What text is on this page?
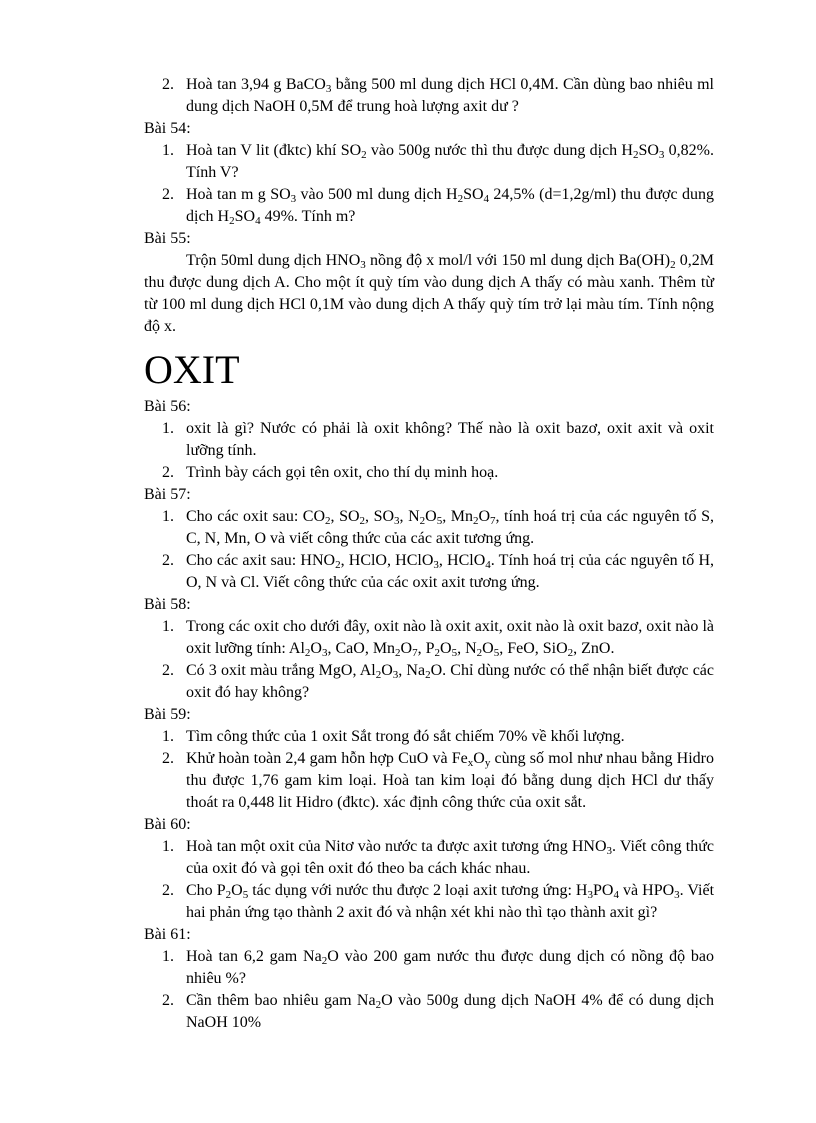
2. Hoà tan 3,94 g BaCO$_3$ bằng 500 ml dung dịch HCl 0,4M. Cần dùng bao nhiêu ml dung dịch NaOH 0,5M để trung hoà lượng axit dư ?
Bài 54:
1. Hoà tan V lit (đktc) khí $SO_2$ vào 500g nước thì thu được dung dịch $H_2SO_3$ 0,82%. Tính V?
2. Hoà tan m g $SO_3$ vào 500 ml dung dịch $H_2SO_4$ 24,5% (d=1,2g/ml) thu được dung dịch $H_2SO_4$ 49%. Tính m?
Bài 55:
Trộn 50ml dung dịch $HNO_3$ nồng độ x mol/l với 150 ml dung dịch $Ba(OH)_2$ 0,2M thu được dung dịch A. Cho một ít quỳ tím vào dung dịch A thấy có màu xanh. Thêm từ từ 100 ml dung dịch HCl 0,1M vào dung dịch A thấy quỳ tím trở lại màu tím. Tính nộng độ x.
OXIT
Bài 56:
1. oxit là gì? Nước có phải là oxit không? Thế nào là oxit bazơ, oxit axit và oxit lưỡng tính.
2. Trình bày cách gọi tên oxit, cho thí dụ minh hoạ.
Bài 57:
1. Cho các oxit sau: $CO_2$, $SO_2$, $SO_3$, $N_2O_5$, $Mn_2O_7$, tính hoá trị của các nguyên tố S, C, N, Mn, O và viết công thức của các axit tương ứng.
2. Cho các axit sau: $HNO_2$, HClO, HClO$_3$, HClO$_4$. Tính hoá trị của các nguyên tố H, O, N và Cl. Viết công thức của các oxit axit tương ứng.
Bài 58:
1. Trong các oxit cho dưới đây, oxit nào là oxit axit, oxit nào là oxit bazơ, oxit nào là oxit lưỡng tính: $Al_2O_3$, CaO, $Mn_2O_7$, $P_2O_5$, $N_2O_5$, FeO, SiO$_2$, ZnO.
2. Có 3 oxit màu trắng MgO, $Al_2O_3$, $Na_2O$. Chỉ dùng nước có thể nhận biết được các oxit đó hay không?
Bài 59:
1. Tìm công thức của 1 oxit Sắt trong đó sắt chiếm 70% về khối lượng.
2. Khử hoàn toàn 2,4 gam hỗn hợp CuO và $Fe_xO_y$ cùng số mol như nhau bằng Hidro thu được 1,76 gam kim loại. Hoà tan kim loại đó bằng dung dịch HCl dư thấy thoát ra 0,448 lit Hidro (đktc). xác định công thức của oxit sắt.
Bài 60:
1. Hoà tan một oxit của Nitơ vào nước ta được axit tương ứng $HNO_3$. Viết công thức của oxit đó và gọi tên oxit đó theo ba cách khác nhau.
2. Cho $P_2O_5$ tác dụng với nước thu được 2 loại axit tương ứng: $H_3PO_4$ và $HPO_3$. Viết hai phản ứng tạo thành 2 axit đó và nhận xét khi nào thì tạo thành axit gì?
Bài 61:
1. Hoà tan 6,2 gam $Na_2O$ vào 200 gam nước thu được dung dịch có nồng độ bao nhiêu %?
2. Cần thêm bao nhiêu gam $Na_2O$ vào 500g dung dịch NaOH 4% để có dung dịch NaOH 10%
